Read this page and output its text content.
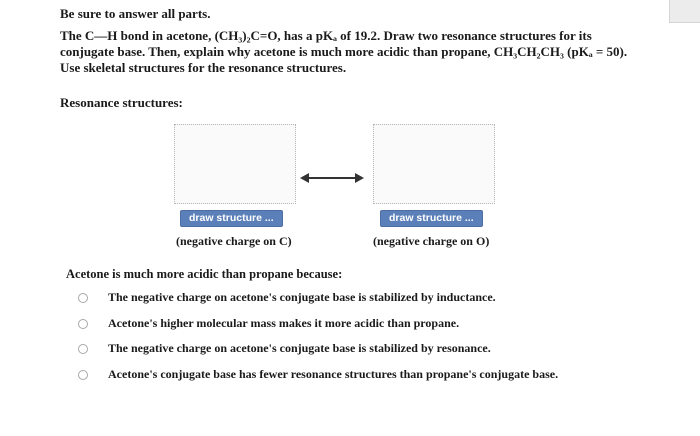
Be sure to answer all parts.
The C—H bond in acetone, (CH₃)₂C=O, has a pKₐ of 19.2. Draw two resonance structures for its
conjugate base. Then, explain why acetone is much more acidic than propane, CH₃CH₂CH₃ (pKₐ = 50).
Use skeletal structures for the resonance structures.
Resonance structures:
draw structure ...
(negative charge on C)
draw structure ...
(negative charge on O)
Acetone is much more acidic than propane because:
The negative charge on acetone's conjugate base is stabilized by inductance.
Acetone's higher molecular mass makes it more acidic than propane.
The negative charge on acetone's conjugate base is stabilized by resonance.
Acetone's conjugate base has fewer resonance structures than propane's conjugate base.
